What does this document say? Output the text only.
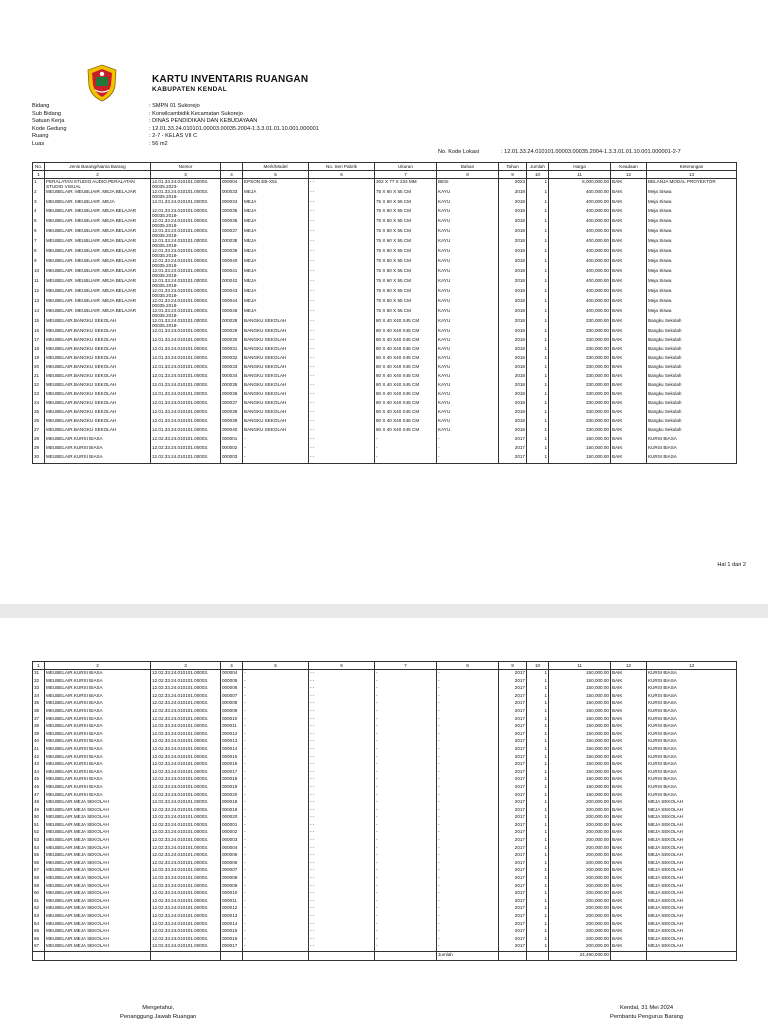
KARTU INVENTARIS RUANGAN
KABUPATEN KENDAL
Bidang	: SMPN 01 Sukorejo
Sub Bidang	: Korwilcambidik Kecamatan Sukorejo
Satuan Kerja	: DINAS PENDIDIKAN DAN KEBUDAYAAN
Kode Gedung	: 12.01.33.24.010101.00003.00035.2004-1.3.3.01.01.10.001.000001
Ruang	: 2-7 - KELAS VII C
Luas	: 56 m2
No. Kode Lokasi	: 12.01.33.24.010101.00003.00035.2004-1.3.3.01.01.10.001.000001-2-7
No.	Jenis Barang/Nama Barang	Nomor		Merk/Model	No. Seri Pabrik	Ukuran	Bahan	Tahun	Jumlah	Harga	Keadaan	Keterangan
1	2	3	4	5	6	7	8	9	10	11	12	13
1	PERALATAN STUDIO AUDIO.PERALATAN STUDIO VISUAL	12.01.33.24.010101.00003. 00035.2023-	000004	EPSON EB-X51	- -	302 X 77 X 234 MM	BESI	2023	1	6,000,000.00	BAIK	BELANJA MODAL PROYEKTOR
2	MEUBELAIR. MEUBLIAIR .MEJA BELAJAR	12.01.33.24.010101.00003. 00035.2018-	000033	MEJA	- -	75 X 60 X 55 CM	KAYU	2018	1	400,000.00	BAIK	Meja Siswa
3	MEUBELAIR. MEUBLIAIR .MEJA	12.01.33.24.010101.00003.	000034	MEJA	- -	75 X 60 X 55 CM	KAYU	2018	1	400,000.00	BAIK	Meja Siswa
4	MEUBELAIR. MEUBLIAIR .MEJA BELAJAR	12.01.33.24.010101.00003. 00035.2018-	000035	MEJA	- -	75 X 60 X 55 CM	KAYU	2018	1	400,000.00	BAIK	Meja Siswa
5	MEUBELAIR. MEUBLIAIR .MEJA BELAJAR	12.01.33.24.010101.00003. 00035.2018-	000036	MEJA	- -	75 X 60 X 55 CM	KAYU	2018	1	400,000.00	BAIK	Meja Siswa
6	MEUBELAIR. MEUBLIAIR .MEJA BELAJAR	12.01.33.24.010101.00003. 00035.2018-	000037	MEJA	- -	75 X 60 X 55 CM	KAYU	2018	1	400,000.00	BAIK	Meja Siswa
7	MEUBELAIR. MEUBLIAIR .MEJA BELAJAR	12.01.33.24.010101.00003. 00035.2018-	000038	MEJA	- -	75 X 60 X 55 CM	KAYU	2018	1	400,000.00	BAIK	Meja Siswa
8	MEUBELAIR. MEUBLIAIR .MEJA BELAJAR	12.01.33.24.010101.00003. 00035.2018-	000039	MEJA	- -	75 X 60 X 55 CM	KAYU	2018	1	400,000.00	BAIK	Meja Siswa
9	MEUBELAIR. MEUBLIAIR .MEJA BELAJAR	12.01.33.24.010101.00003. 00035.2018-	000040	MEJA	- -	75 X 60 X 55 CM	KAYU	2018	1	400,000.00	BAIK	Meja Siswa
10	MEUBELAIR. MEUBLIAIR .MEJA BELAJAR	12.01.33.24.010101.00003. 00035.2018-	000041	MEJA	- -	75 X 60 X 55 CM	KAYU	2018	1	400,000.00	BAIK	Meja Siswa
11	MEUBELAIR. MEUBLIAIR .MEJA BELAJAR	12.01.33.24.010101.00003. 00035.2018-	000042	MEJA	- -	75 X 60 X 55 CM	KAYU	2018	1	400,000.00	BAIK	Meja Siswa
12	MEUBELAIR. MEUBLIAIR .MEJA BELAJAR	12.01.33.24.010101.00003. 00035.2018-	000043	MEJA	- -	75 X 60 X 55 CM	KAYU	2018	1	400,000.00	BAIK	Meja Siswa
13	MEUBELAIR. MEUBLIAIR .MEJA BELAJAR	12.01.33.24.010101.00003. 00035.2018-	000044	MEJA	- -	75 X 60 X 55 CM	KAYU	2018	1	400,000.00	BAIK	Meja Siswa
14	MEUBELAIR. MEUBLIAIR .MEJA BELAJAR	12.01.33.24.010101.00003. 00035.2018-	000045	MEJA	- -	75 X 60 X 55 CM	KAYU	2018	1	400,000.00	BAIK	Meja Siswa
15	MEUBELAIR.BANGKU SEKOLAH	12.01.33.24.010101.00003. 00035.2018-	000028	BANGKU SEKOLAH	- -	80 X 40 X40 X45 CM	KAYU	2018	1	330,000.00	BAIK	Bangku Sekolah
16	MEUBELAIR.BANGKU SEKOLAH	12.01.33.24.010101.00003.	000029	BANGKU SEKOLAH	- -	80 X 40 X40 X45 CM	KAYU	2018	1	330,000.00	BAIK	Bangku Sekolah
17	MEUBELAIR.BANGKU SEKOLAH	12.01.33.24.010101.00003.	000030	BANGKU SEKOLAH	- -	80 X 40 X40 X45 CM	KAYU	2018	1	330,000.00	BAIK	Bangku Sekolah
18	MEUBELAIR.BANGKU SEKOLAH	12.01.33.24.010101.00003.	000031	BANGKU SEKOLAH	- -	80 X 40 X40 X45 CM	KAYU	2018	1	330,000.00	BAIK	Bangku Sekolah
19	MEUBELAIR.BANGKU SEKOLAH	12.01.33.24.010101.00003.	000032	BANGKU SEKOLAH	- -	80 X 40 X40 X45 CM	KAYU	2018	1	330,000.00	BAIK	Bangku Sekolah
20	MEUBELAIR.BANGKU SEKOLAH	12.01.33.24.010101.00003.	000033	BANGKU SEKOLAH	- -	80 X 40 X40 X45 CM	KAYU	2018	1	330,000.00	BAIK	Bangku Sekolah
21	MEUBELAIR.BANGKU SEKOLAH	12.01.33.24.010101.00003.	000034	BANGKU SEKOLAH	- -	80 X 40 X40 X45 CM	KAYU	2018	1	330,000.00	BAIK	Bangku Sekolah
22	MEUBELAIR.BANGKU SEKOLAH	12.01.33.24.010101.00003.	000035	BANGKU SEKOLAH	- -	80 X 40 X40 X45 CM	KAYU	2018	1	330,000.00	BAIK	Bangku Sekolah
23	MEUBELAIR.BANGKU SEKOLAH	12.01.33.24.010101.00003.	000036	BANGKU SEKOLAH	- -	80 X 40 X40 X45 CM	KAYU	2018	1	330,000.00	BAIK	Bangku Sekolah
24	MEUBELAIR.BANGKU SEKOLAH	12.01.33.24.010101.00003.	000037	BANGKU SEKOLAH	- -	80 X 40 X40 X45 CM	KAYU	2018	1	330,000.00	BAIK	Bangku Sekolah
25	MEUBELAIR.BANGKU SEKOLAH	12.01.33.24.010101.00003.	000038	BANGKU SEKOLAH	- -	80 X 40 X40 X45 CM	KAYU	2018	1	330,000.00	BAIK	Bangku Sekolah
26	MEUBELAIR.BANGKU SEKOLAH	12.01.33.24.010101.00003.	000039	BANGKU SEKOLAH	- -	80 X 40 X40 X45 CM	KAYU	2018	1	330,000.00	BAIK	Bangku Sekolah
27	MEUBELAIR.BANGKU SEKOLAH	12.01.33.24.010101.00003.	000040	BANGKU SEKOLAH	- -	80 X 40 X40 X45 CM	KAYU	2018	1	330,000.00	BAIK	Bangku Sekolah
28	MEUBELAIR.KURSI BIASA	12.02.33.24.010101.00003.	000001	-	- -	-	-	2017	1	150,000.00	BAIK	KURSI BIASA
29	MEUBELAIR.KURSI BIASA	12.02.33.24.010101.00003.	000002	-	- -	-	-	2017	1	150,000.00	BAIK	KURSI BIASA
30	MEUBELAIR.KURSI BIASA	12.02.33.24.010101.00003.	000003	-	- -	-	-	2017	1	150,000.00	BAIK	KURSI BIASA
Hal 1 dari 2
1	2	3	4	5	6	7	8	9	10	11	12	13
31	MEUBELAIR.KURSI BIASA	12.02.33.24.010101.00003.	000004	-	- -	-	-	2017	1	150,000.00	BAIK	KURSI BIASA
32	MEUBELAIR.KURSI BIASA	12.02.33.24.010101.00003.	000005	-	- -	-	-	2017	1	150,000.00	BAIK	KURSI BIASA
33	MEUBELAIR.KURSI BIASA	12.02.33.24.010101.00003.	000006	-	- -	-	-	2017	1	150,000.00	BAIK	KURSI BIASA
34	MEUBELAIR.KURSI BIASA	12.02.33.24.010101.00003.	000007	-	- -	-	-	2017	1	150,000.00	BAIK	KURSI BIASA
35	MEUBELAIR.KURSI BIASA	12.02.33.24.010101.00003.	000008	-	- -	-	-	2017	1	150,000.00	BAIK	KURSI BIASA
36	MEUBELAIR.KURSI BIASA	12.02.33.24.010101.00003.	000009	-	- -	-	-	2017	1	150,000.00	BAIK	KURSI BIASA
37	MEUBELAIR.KURSI BIASA	12.02.33.24.010101.00003.	000010	-	- -	-	-	2017	1	150,000.00	BAIK	KURSI BIASA
38	MEUBELAIR.KURSI BIASA	12.02.33.24.010101.00003.	000011	-	- -	-	-	2017	1	150,000.00	BAIK	KURSI BIASA
39	MEUBELAIR.KURSI BIASA	12.02.33.24.010101.00003.	000012	-	- -	-	-	2017	1	150,000.00	BAIK	KURSI BIASA
40	MEUBELAIR.KURSI BIASA	12.02.33.24.010101.00003.	000013	-	- -	-	-	2017	1	150,000.00	BAIK	KURSI BIASA
41	MEUBELAIR.KURSI BIASA	12.02.33.24.010101.00003.	000014	-	- -	-	-	2017	1	150,000.00	BAIK	KURSI BIASA
42	MEUBELAIR.KURSI BIASA	12.02.33.24.010101.00003.	000015	-	- -	-	-	2017	1	150,000.00	BAIK	KURSI BIASA
43	MEUBELAIR.KURSI BIASA	12.02.33.24.010101.00003.	000016	-	- -	-	-	2017	1	150,000.00	BAIK	KURSI BIASA
44	MEUBELAIR.KURSI BIASA	12.02.33.24.010101.00003.	000017	-	- -	-	-	2017	1	150,000.00	BAIK	KURSI BIASA
45	MEUBELAIR.KURSI BIASA	12.02.33.24.010101.00003.	000018	-	- -	-	-	2017	1	150,000.00	BAIK	KURSI BIASA
46	MEUBELAIR.KURSI BIASA	12.02.33.24.010101.00003.	000019	-	- -	-	-	2017	1	150,000.00	BAIK	KURSI BIASA
47	MEUBELAIR.KURSI BIASA	12.02.33.24.010101.00003.	000020	-	- -	-	-	2017	1	150,000.00	BAIK	KURSI BIASA
48	MEUBELAIR.MEJA SEKOLAH	12.02.33.24.010101.00003.	000018	-	- -	-	-	2017	1	200,000.00	BAIK	MEJA SEKOLAH
49	MEUBELAIR.MEJA SEKOLAH	12.02.33.24.010101.00003.	000019	-	- -	-	-	2017	1	200,000.00	BAIK	MEJA SEKOLAH
50	MEUBELAIR.MEJA SEKOLAH	12.02.33.24.010101.00003.	000020	-	- -	-	-	2017	1	200,000.00	BAIK	MEJA SEKOLAH
51	MEUBELAIR.MEJA SEKOLAH	12.02.33.24.010101.00003.	000001	-	- -	-	-	2017	1	200,000.00	BAIK	MEJA SEKOLAH
52	MEUBELAIR.MEJA SEKOLAH	12.02.33.24.010101.00003.	000002	-	- -	-	-	2017	1	200,000.00	BAIK	MEJA SEKOLAH
53	MEUBELAIR.MEJA SEKOLAH	12.02.33.24.010101.00003.	000003	-	- -	-	-	2017	1	200,000.00	BAIK	MEJA SEKOLAH
54	MEUBELAIR.MEJA SEKOLAH	12.02.33.24.010101.00003.	000004	-	- -	-	-	2017	1	200,000.00	BAIK	MEJA SEKOLAH
55	MEUBELAIR.MEJA SEKOLAH	12.02.33.24.010101.00003.	000005	-	- -	-	-	2017	1	200,000.00	BAIK	MEJA SEKOLAH
56	MEUBELAIR.MEJA SEKOLAH	12.02.33.24.010101.00003.	000006	-	- -	-	-	2017	1	200,000.00	BAIK	MEJA SEKOLAH
57	MEUBELAIR.MEJA SEKOLAH	12.02.33.24.010101.00003.	000007	-	- -	-	-	2017	1	200,000.00	BAIK	MEJA SEKOLAH
58	MEUBELAIR.MEJA SEKOLAH	12.02.33.24.010101.00003.	000008	-	- -	-	-	2017	1	200,000.00	BAIK	MEJA SEKOLAH
59	MEUBELAIR.MEJA SEKOLAH	12.02.33.24.010101.00003.	000009	-	- -	-	-	2017	1	200,000.00	BAIK	MEJA SEKOLAH
60	MEUBELAIR.MEJA SEKOLAH	12.02.33.24.010101.00003.	000010	-	- -	-	-	2017	1	200,000.00	BAIK	MEJA SEKOLAH
61	MEUBELAIR.MEJA SEKOLAH	12.02.33.24.010101.00003.	000011	-	- -	-	-	2017	1	200,000.00	BAIK	MEJA SEKOLAH
62	MEUBELAIR.MEJA SEKOLAH	12.02.33.24.010101.00003.	000012	-	- -	-	-	2017	1	200,000.00	BAIK	MEJA SEKOLAH
63	MEUBELAIR.MEJA SEKOLAH	12.02.33.24.010101.00003.	000013	-	- -	-	-	2017	1	200,000.00	BAIK	MEJA SEKOLAH
64	MEUBELAIR.MEJA SEKOLAH	12.02.33.24.010101.00003.	000014	-	- -	-	-	2017	1	200,000.00	BAIK	MEJA SEKOLAH
65	MEUBELAIR.MEJA SEKOLAH	12.02.33.24.010101.00003.	000015	-	- -	-	-	2017	1	200,000.00	BAIK	MEJA SEKOLAH
66	MEUBELAIR.MEJA SEKOLAH	12.02.33.24.010101.00003.	000016	-	- -	-	-	2017	1	200,000.00	BAIK	MEJA SEKOLAH
67	MEUBELAIR.MEJA SEKOLAH	12.02.33.24.010101.00003.	000017	-	- -	-	-	2017	1	200,000.00	BAIK	MEJA SEKOLAH
							Jumlah			24,490,000.00		
Mengetahui,
Penanggung Jawab Ruangan
Kendal, 31 Mei 2024
Pembantu Pengurus Barang
